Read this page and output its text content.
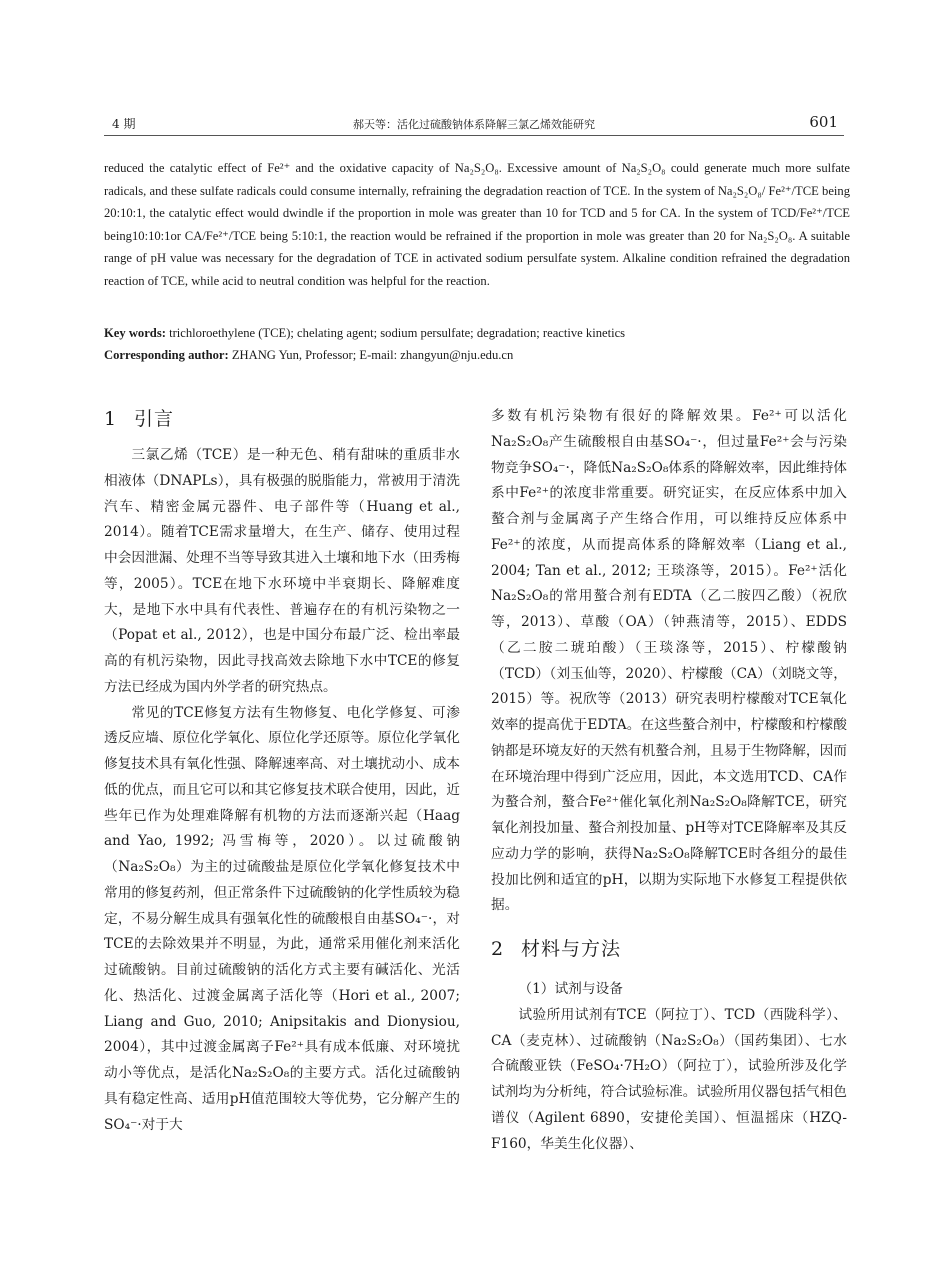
4 期	郝天等：活化过硫酸钠体系降解三氯乙烯效能研究	601
reduced the catalytic effect of Fe²⁺ and the oxidative capacity of Na₂S₂O₈. Excessive amount of Na₂S₂O₈ could generate much more sulfate radicals, and these sulfate radicals could consume internally, refraining the degradation reaction of TCE. In the system of Na₂S₂O₈/ Fe²⁺/TCE being 20:10:1, the catalytic effect would dwindle if the proportion in mole was greater than 10 for TCD and 5 for CA. In the system of TCD/Fe²⁺/TCE being10:10:1or CA/Fe²⁺/TCE being 5:10:1, the reaction would be refrained if the proportion in mole was greater than 20 for Na₂S₂O₈. A suitable range of pH value was necessary for the degradation of TCE in activated sodium persulfate system. Alkaline condition refrained the degradation reaction of TCE, while acid to neutral condition was helpful for the reaction.
Key words: trichloroethylene (TCE); chelating agent; sodium persulfate; degradation; reactive kinetics
Corresponding author: ZHANG Yun, Professor; E-mail: zhangyun@nju.edu.cn
1 引言

三氯乙烯（TCE）是一种无色、稍有甜味的重质非水相液体（DNAPLs），具有极强的脱脂能力，常被用于清洗汽车、精密金属元器件、电子部件等（Huang et al., 2014）。随着TCE需求量增大，在生产、储存、使用过程中会因泄漏、处理不当等导致其进入土壤和地下水（田秀梅等，2005）。TCE在地下水环境中半衰期长、降解难度大，是地下水中具有代表性、普遍存在的有机污染物之一（Popat et al., 2012），也是中国分布最广泛、检出率最高的有机污染物，因此寻找高效去除地下水中TCE的修复方法已经成为国内外学者的研究热点。

常见的TCE修复方法有生物修复、电化学修复、可渗透反应墙、原位化学氧化、原位化学还原等。原位化学氧化修复技术具有氧化性强、降解速率高、对土壤扰动小、成本低的优点，而且它可以和其它修复技术联合使用，因此，近些年已作为处理难降解有机物的方法而逐渐兴起（Haag and Yao, 1992; 冯雪梅等，2020）。以过硫酸钠（Na₂S₂O₈）为主的过硫酸盐是原位化学氧化修复技术中常用的修复药剂，但正常条件下过硫酸钠的化学性质较为稳定，不易分解生成具有强氧化性的硫酸根自由基SO₄⁻·，对TCE的去除效果并不明显，为此，通常采用催化剂来活化过硫酸钠。目前过硫酸钠的活化方式主要有碱活化、光活化、热活化、过渡金属离子活化等（Hori et al., 2007; Liang and Guo, 2010; Anipsitakis and Dionysiou, 2004），其中过渡金属离子Fe²⁺具有成本低廉、对环境扰动小等优点，是活化Na₂S₂O₈的主要方式。活化过硫酸钠具有稳定性高、适用pH值范围较大等优势，它分解产生的SO₄⁻·对于大

多数有机污染物有很好的降解效果。Fe²⁺可以活化Na₂S₂O₈产生硫酸根自由基SO₄⁻·，但过量Fe²⁺会与污染物竞争SO₄⁻·，降低Na₂S₂O₈体系的降解效率，因此维持体系中Fe²⁺的浓度非常重要。研究证实，在反应体系中加入螯合剂与金属离子产生络合作用，可以维持反应体系中Fe²⁺的浓度，从而提高体系的降解效率（Liang et al., 2004; Tan et al., 2012; 王琰涤等，2015）。Fe²⁺活化Na₂S₂O₈的常用螯合剂有EDTA（乙二胺四乙酸）（祝欣等，2013）、草酸（OA）（钟燕清等，2015）、EDDS（乙二胺二琥珀酸）（王琰涤等，2015）、柠檬酸钠（TCD）（刘玉仙等，2020）、柠檬酸（CA）（刘晓文等，2015）等。祝欣等（2013）研究表明柠檬酸对TCE氧化效率的提高优于EDTA。在这些螯合剂中，柠檬酸和柠檬酸钠都是环境友好的天然有机螯合剂，且易于生物降解，因而在环境治理中得到广泛应用，因此，本文选用TCD、CA作为螯合剂，螯合Fe²⁺催化氧化剂Na₂S₂O₈降解TCE，研究氧化剂投加量、螯合剂投加量、pH等对TCE降解率及其反应动力学的影响，获得Na₂S₂O₈降解TCE时各组分的最佳投加比例和适宜的pH，以期为实际地下水修复工程提供依据。

2 材料与方法
（1）试剂与设备

试验所用试剂有TCE（阿拉丁）、TCD（西陇科学）、CA（麦克林）、过硫酸钠（Na₂S₂O₈）（国药集团）、七水合硫酸亚铁（FeSO₄·7H₂O）（阿拉丁），试验所涉及化学试剂均为分析纯，符合试验标准。试验所用仪器包括气相色谱仪（Agilent 6890，安捷伦美国）、恒温摇床（HZQ-F160，华美生化仪器）、
